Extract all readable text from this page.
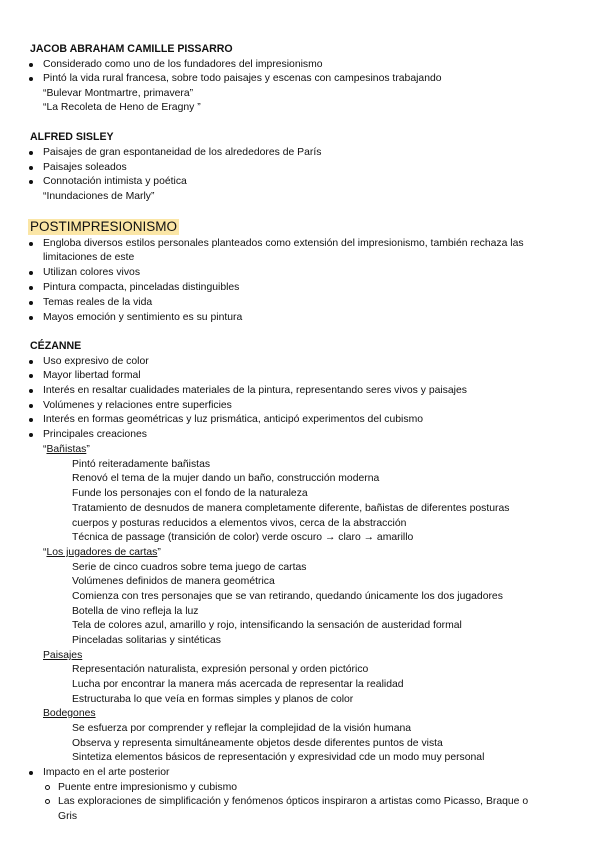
JACOB ABRAHAM CAMILLE PISSARRO
Considerado como uno de los fundadores del impresionismo
Pintó la vida rural francesa, sobre todo paisajes y escenas con campesinos trabajando
“Bulevar Montmartre, primavera”
“La Recoleta de Heno de Eragny ”
ALFRED SISLEY
Paisajes de gran espontaneidad de los alrededores de París
Paisajes soleados
Connotación intimista y poética
“Inundaciones de Marly”
POSTIMPRESIONISMO
Engloba diversos estilos personales planteados como extensión del impresionismo, también rechaza las
limitaciones de este
Utilizan colores vivos
Pintura compacta, pinceladas distinguibles
Temas reales de la vida
Mayos emoción y sentimiento es su pintura
CÉZANNE
Uso expresivo de color
Mayor libertad formal
Interés en resaltar cualidades materiales de la pintura, representando seres vivos y paisajes
Volúmenes y relaciones entre superficies
Interés en formas geométricas y luz prismática, anticipó experimentos del cubismo
Principales creaciones
“Bañistas”
Pintó reiteradamente bañistas
Renovó el tema de la mujer dando un baño, construcción moderna
Funde los personajes con el fondo de la naturaleza
Tratamiento de desnudos de manera completamente diferente, bañistas de diferentes posturas
cuerpos y posturas reducidos a elementos vivos, cerca de la abstracción
Técnica de passage (transición de color) verde oscuro → claro → amarillo
“Los jugadores de cartas”
Serie de cinco cuadros sobre tema juego de cartas
Volúmenes definidos de manera geométrica
Comienza con tres personajes que se van retirando, quedando únicamente los dos jugadores
Botella de vino refleja la luz
Tela de colores azul, amarillo y rojo, intensificando la sensación de austeridad formal
Pinceladas solitarias y sintéticas
Paisajes
Representación naturalista, expresión personal y orden pictórico
Lucha por encontrar la manera más acercada de representar la realidad
Estructuraba lo que veía en formas simples y planos de color
Bodegones
Se esfuerza por comprender y reflejar la complejidad de la visión humana
Observa y representa simultáneamente objetos desde diferentes puntos de vista
Sintetiza elementos básicos de representación y expresividad cde un modo muy personal
Impacto en el arte posterior
Puente entre impresionismo y cubismo
Las exploraciones de simplificación y fenómenos ópticos inspiraron a artistas como Picasso, Braque o
Gris
